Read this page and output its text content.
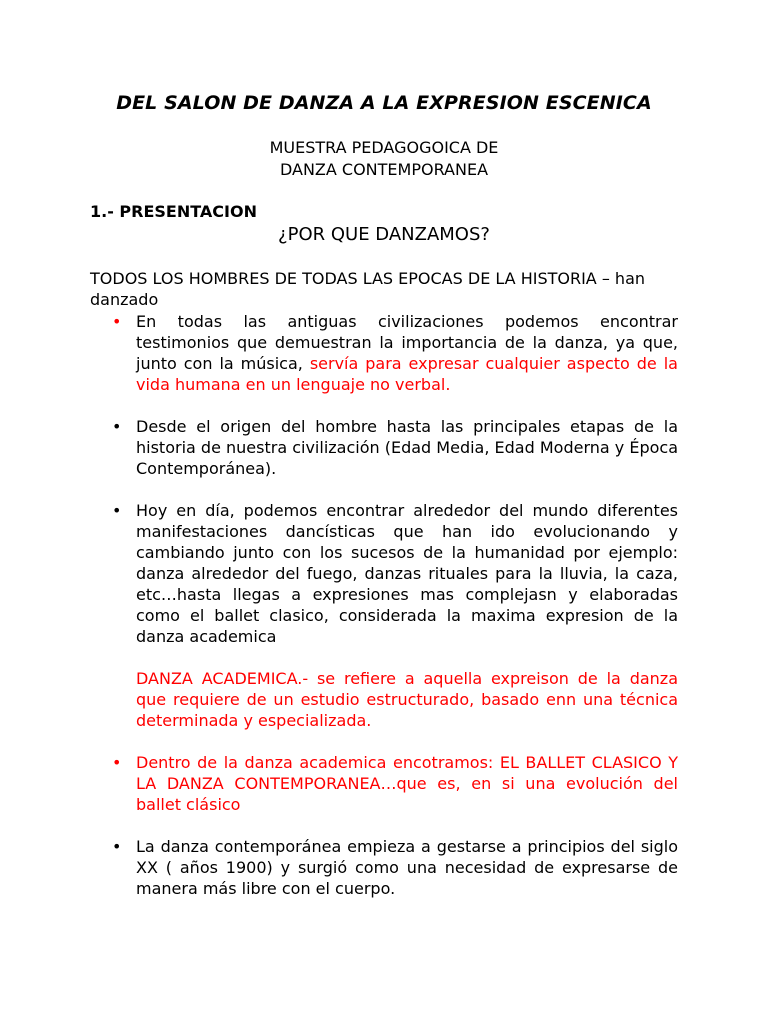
DEL SALON DE DANZA A LA EXPRESION ESCENICA

MUESTRA PEDAGOGOICA DE

DANZA CONTEMPORANEA

1.- PRESENTACION

¿POR QUE DANZAMOS?

TODOS LOS HOMBRES DE TODAS LAS EPOCAS DE LA HISTORIA – han danzado

• En todas las antiguas civilizaciones podemos encontrar testimonios que demuestran la importancia de la danza, ya que, junto con la música, servía para expresar cualquier aspecto de la vida humana en un lenguaje no verbal.
• Desde el origen del hombre hasta las principales etapas de la historia de nuestra civilización (Edad Media, Edad Moderna y Época Contemporánea).
• Hoy en día, podemos encontrar alrededor del mundo diferentes manifestaciones dancísticas que han ido evolucionando y cambiando junto con los sucesos de la humanidad por ejemplo: danza alrededor del fuego, danzas rituales para la lluvia, la caza, etc…hasta llegas a expresiones mas complejasn y elaboradas como el ballet clasico, considerada la maxima expresion de la danza academica
DANZA ACADEMICA.- se refiere a aquella expreison de la danza que requiere de un estudio estructurado, basado enn una técnica determinada y especializada.
• Dentro de la danza academica encotramos: EL BALLET CLASICO Y LA DANZA CONTEMPORANEA…que es, en si una evolución del ballet clásico
• La danza contemporánea empieza a gestarse a principios del siglo XX ( años 1900) y surgió como una necesidad de expresarse de manera más libre con el cuerpo.
